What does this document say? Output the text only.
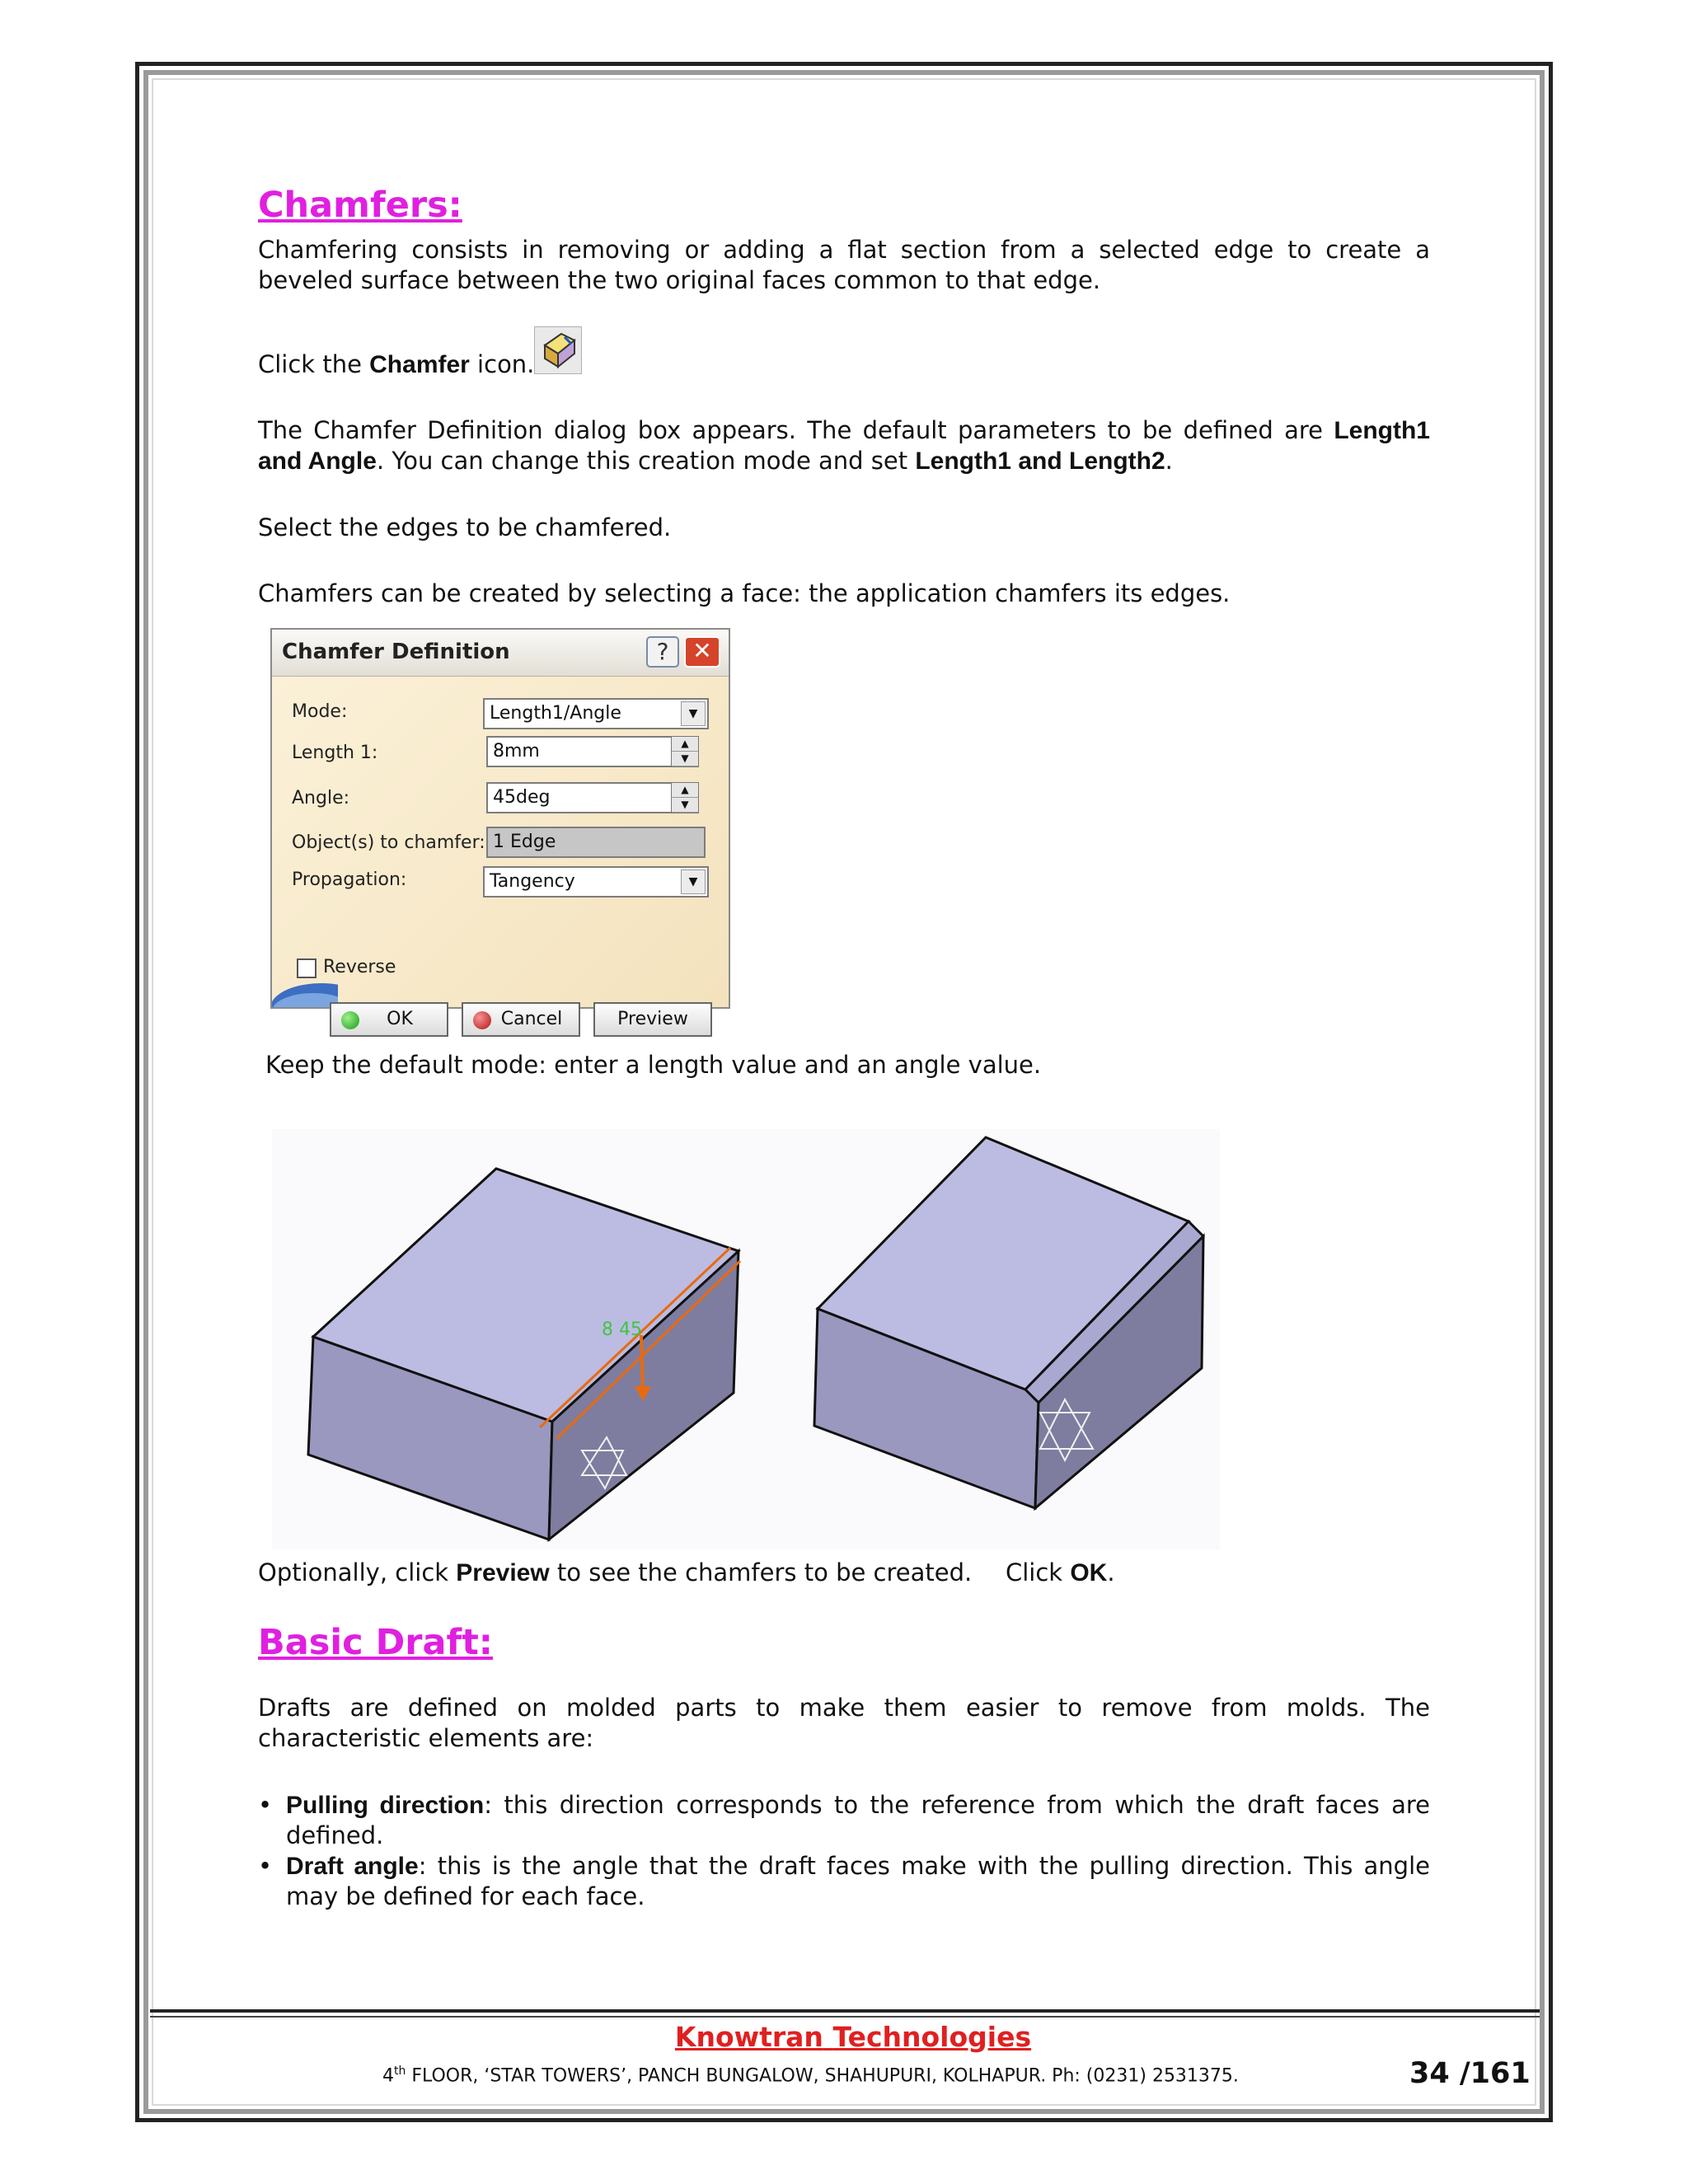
Chamfers:
Chamfering consists in removing or adding a flat section from a selected edge to create a beveled surface between the two original faces common to that edge.
Click the Chamfer icon.
The Chamfer Definition dialog box appears. The default parameters to be defined are Length1 and Angle. You can change this creation mode and set Length1 and Length2.
Select the edges to be chamfered.
Chamfers can be created by selecting a face: the application chamfers its edges.
Chamfer Definition	?	✕
Mode:	Length1/Angle	▼
Length 1:	8mm	▲
▼
Angle:	45deg	▲
▼
Object(s) to chamfer: 1 Edge
Propagation:	Tangency	▼
Reverse
OK	Cancel	Preview
Keep the default mode: enter a length value and an angle value.
8 45
Optionally, click Preview to see the chamfers to be created. Click OK.
Basic Draft:
Drafts are defined on molded parts to make them easier to remove from molds. The characteristic elements are:
• Pulling direction: this direction corresponds to the reference from which the draft faces are defined.
• Draft angle: this is the angle that the draft faces make with the pulling direction. This angle may be defined for each face.
Knowtran Technologies
4th FLOOR, ‘STAR TOWERS’, PANCH BUNGALOW, SHAHUPURI, KOLHAPUR. Ph: (0231) 2531375.	34 /161
